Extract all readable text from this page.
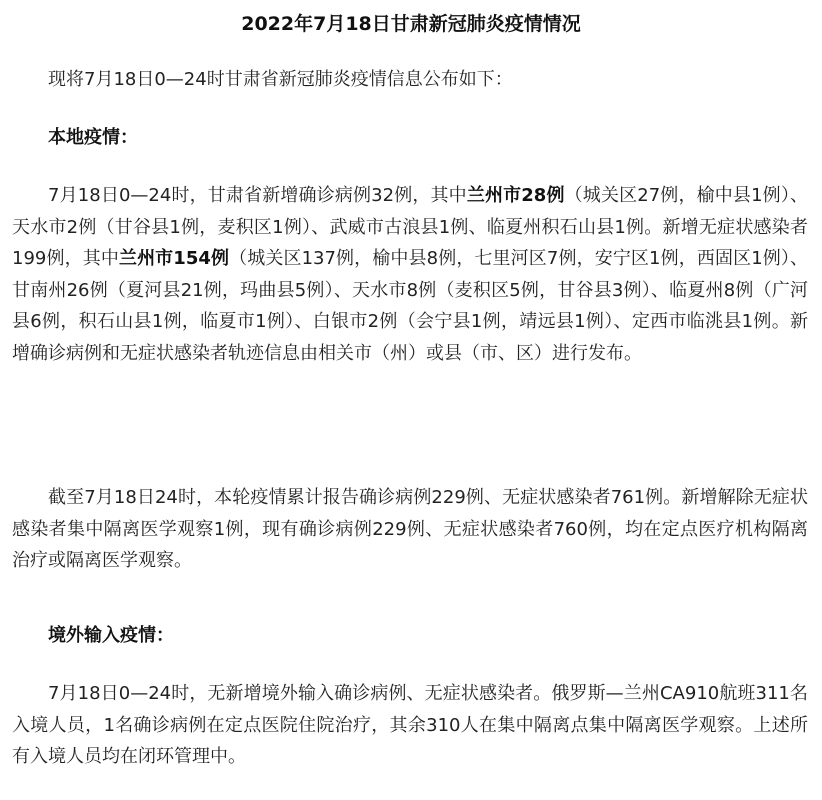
2022年7月18日甘肃新冠肺炎疫情情况
现将7月18日0—24时甘肃省新冠肺炎疫情信息公布如下：
本地疫情：
7月18日0—24时，甘肃省新增确诊病例32例，其中兰州市28例（城关区27例，榆中县1例）、天水市2例（甘谷县1例，麦积区1例）、武威市古浪县1例、临夏州积石山县1例。新增无症状感染者199例，其中兰州市154例（城关区137例，榆中县8例，七里河区7例，安宁区1例，西固区1例）、甘南州26例（夏河县21例，玛曲县5例）、天水市8例（麦积区5例，甘谷县3例）、临夏州8例（广河县6例，积石山县1例，临夏市1例）、白银市2例（会宁县1例，靖远县1例）、定西市临洮县1例。新增确诊病例和无症状感染者轨迹信息由相关市（州）或县（市、区）进行发布。
截至7月18日24时，本轮疫情累计报告确诊病例229例、无症状感染者761例。新增解除无症状感染者集中隔离医学观察1例，现有确诊病例229例、无症状感染者760例，均在定点医疗机构隔离治疗或隔离医学观察。
境外输入疫情：
7月18日0—24时，无新增境外输入确诊病例、无症状感染者。俄罗斯—兰州CA910航班311名入境人员，1名确诊病例在定点医院住院治疗，其余310人在集中隔离点集中隔离医学观察。上述所有入境人员均在闭环管理中。
